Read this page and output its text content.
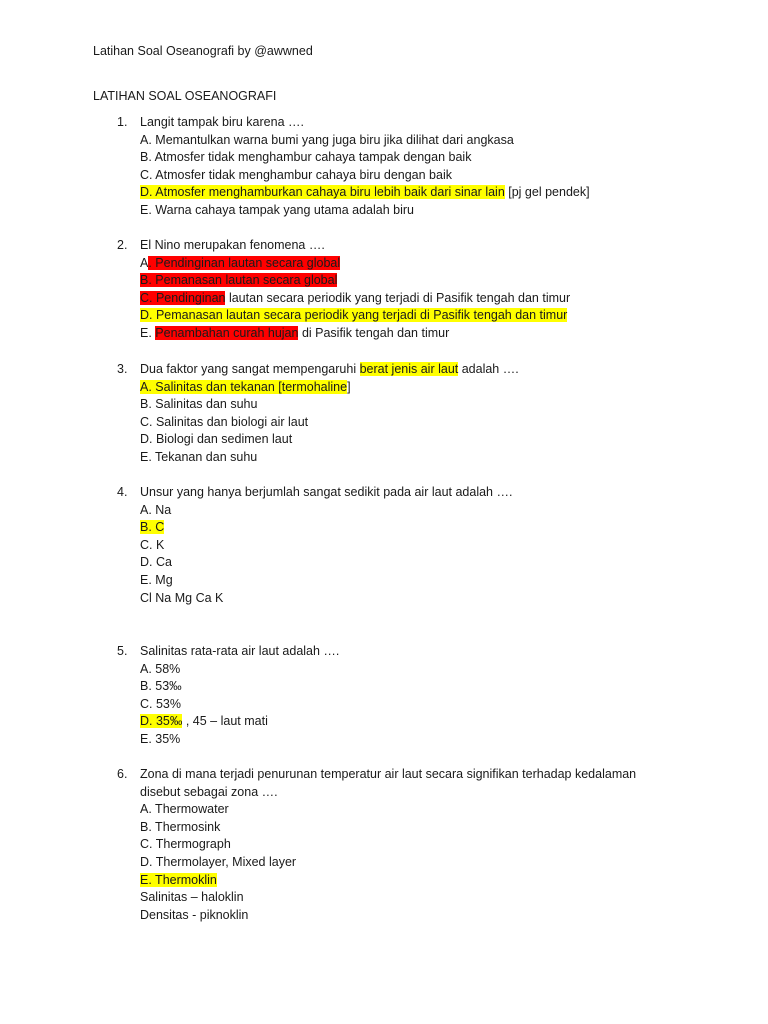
Latihan Soal Oseanografi by @awwned
LATIHAN SOAL OSEANOGRAFI
1. Langit tampak biru karena ….
A. Memantulkan warna bumi yang juga biru jika dilihat dari angkasa
B. Atmosfer tidak menghambur cahaya tampak dengan baik
C. Atmosfer tidak menghambur cahaya biru dengan baik
D. Atmosfer menghamburkan cahaya biru lebih baik dari sinar lain [pj gel pendek]
E. Warna cahaya tampak yang utama adalah biru
2. El Nino merupakan fenomena ….
A. Pendinginan lautan secara global
B. Pemanasan lautan secara global
C. Pendinginan lautan secara periodik yang terjadi di Pasifik tengah dan timur
D. Pemanasan lautan secara periodik yang terjadi di Pasifik tengah dan timur
E. Penambahan curah hujan di Pasifik tengah dan timur
3. Dua faktor yang sangat mempengaruhi berat jenis air laut adalah ….
A. Salinitas dan tekanan [termohaline]
B. Salinitas dan suhu
C. Salinitas dan biologi air laut
D. Biologi dan sedimen laut
E. Tekanan dan suhu
4. Unsur yang hanya berjumlah sangat sedikit pada air laut adalah ….
A. Na
B. C
C. K
D. Ca
E. Mg
Cl Na Mg Ca K
5. Salinitas rata-rata air laut adalah ….
A. 58%
B. 53‰
C. 53%
D. 35‰ , 45 – laut mati
E. 35%
6. Zona di mana terjadi penurunan temperatur air laut secara signifikan terhadap kedalaman
disebut sebagai zona ….
A. Thermowater
B. Thermosink
C. Thermograph
D. Thermolayer, Mixed layer
E. Thermoklin
Salinitas – haloklin
Densitas - piknoklin
